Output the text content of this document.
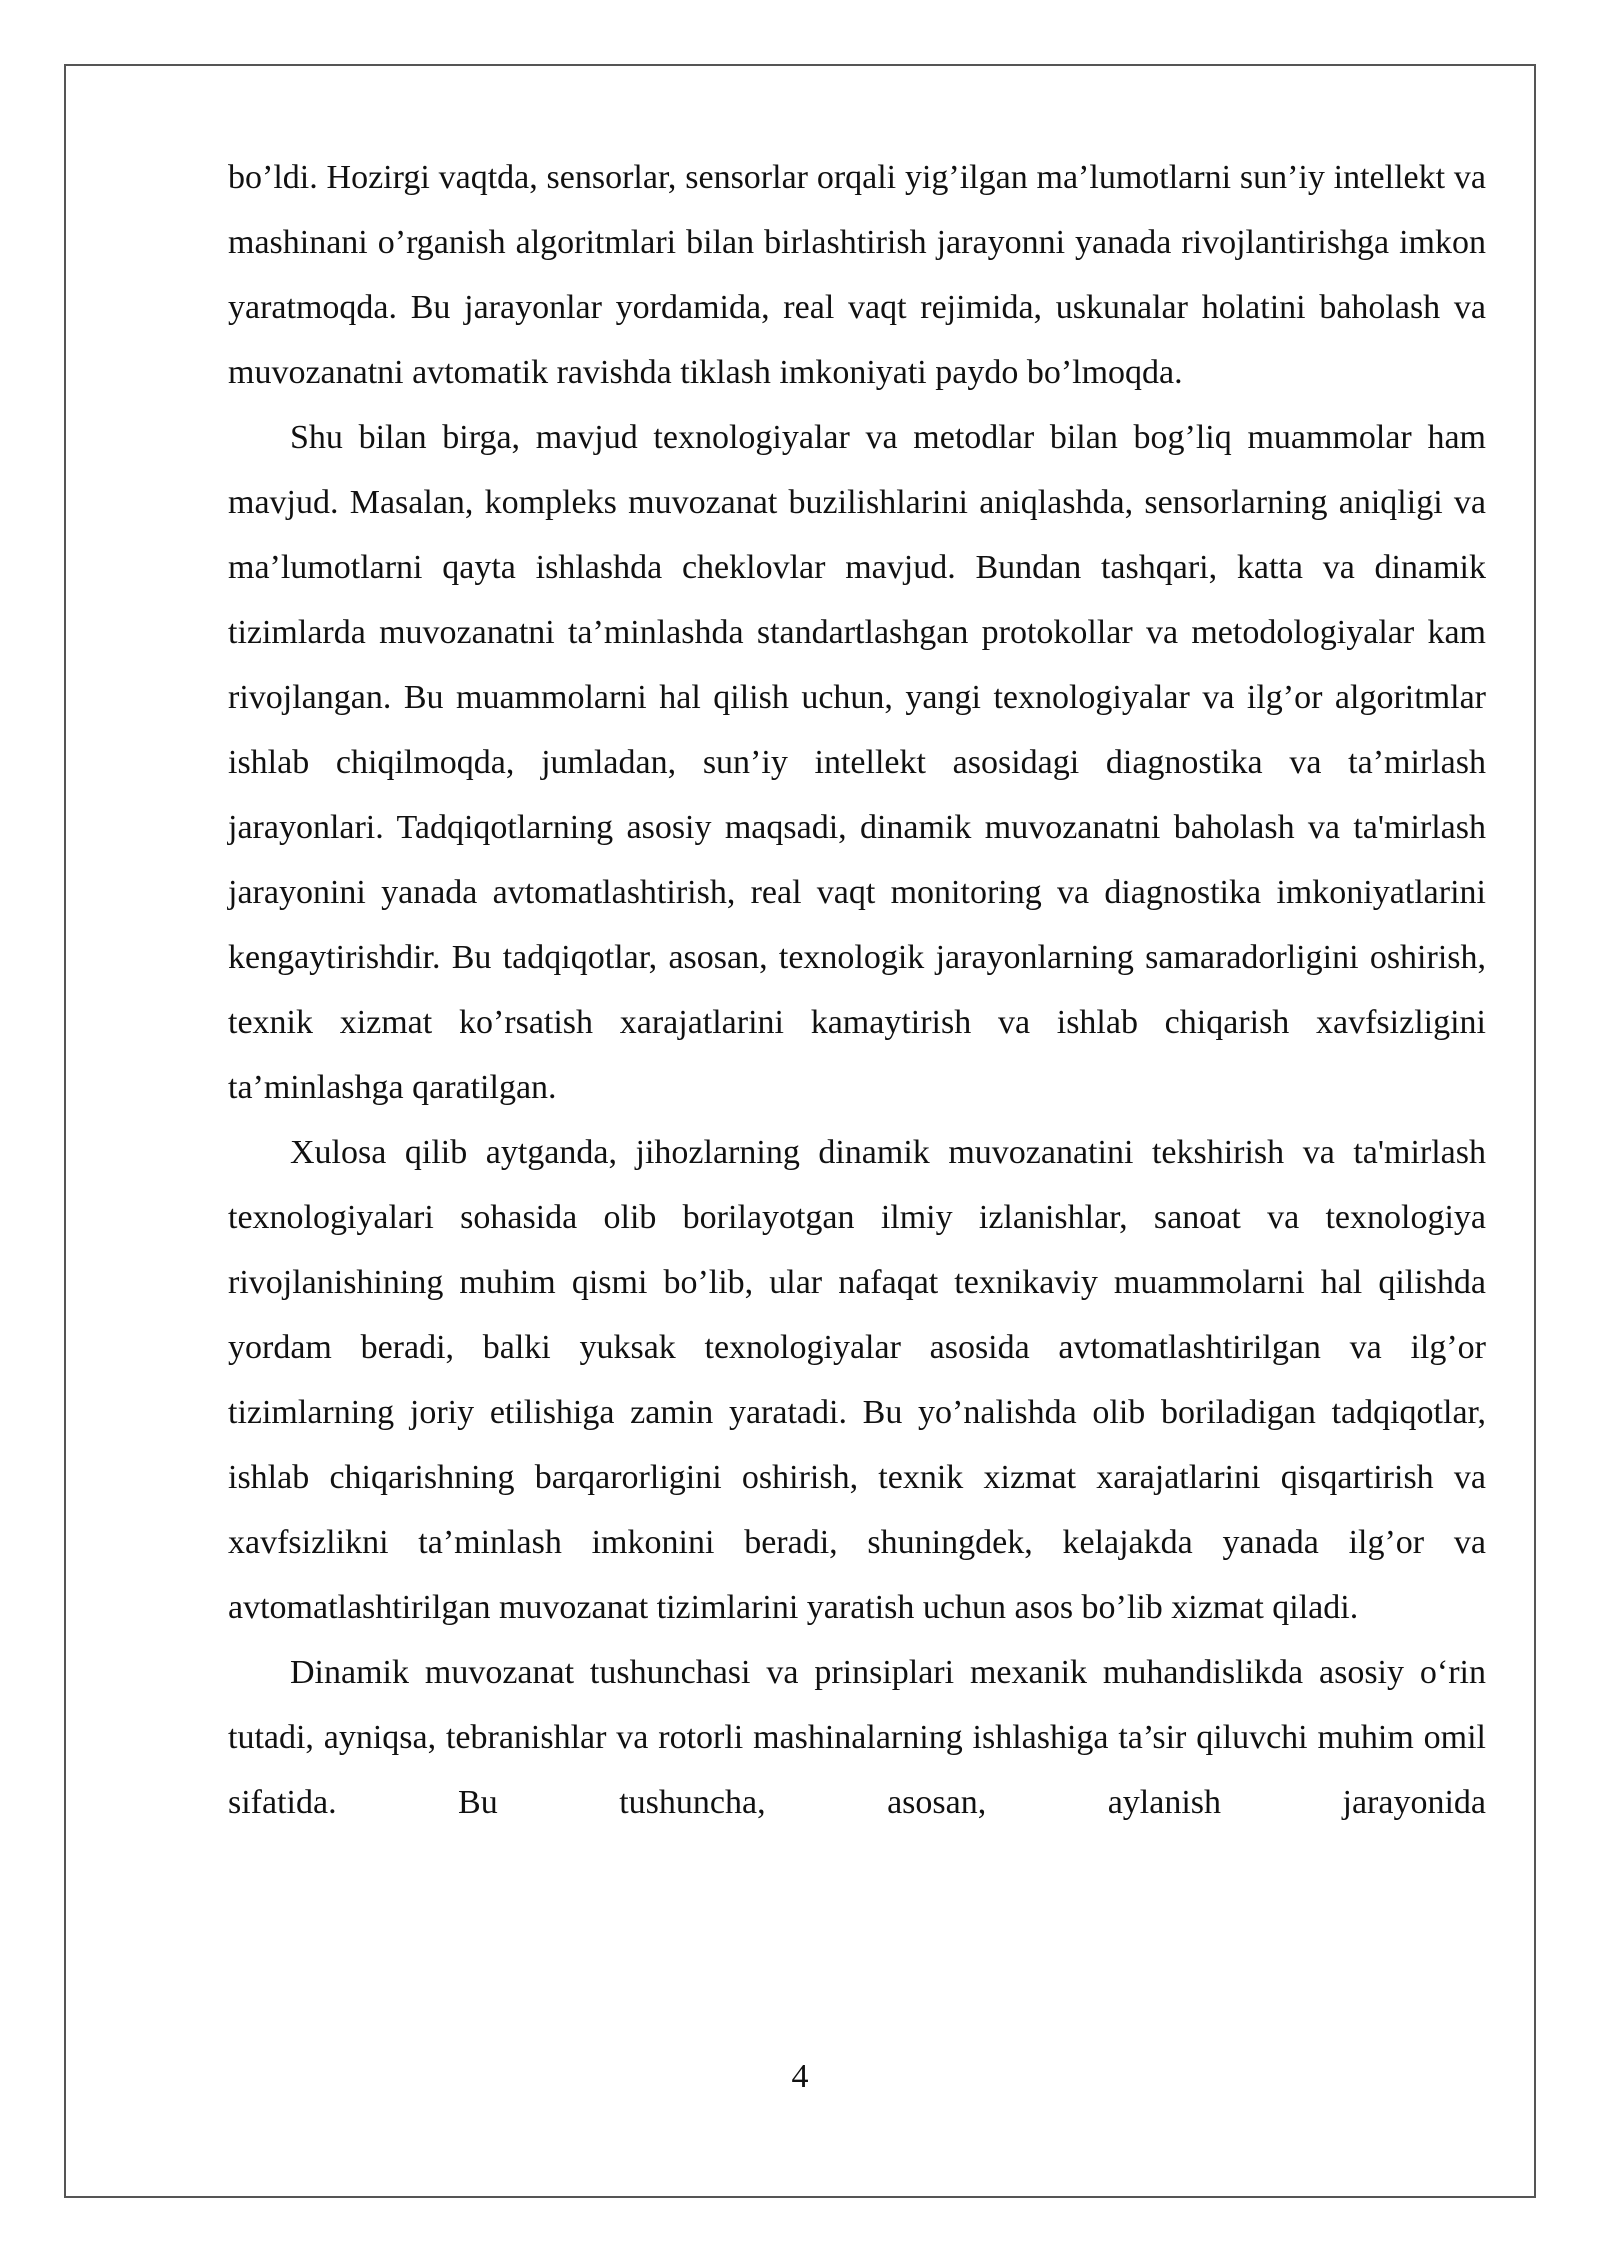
bo’ldi. Hozirgi vaqtda, sensorlar, sensorlar orqali yig’ilgan ma’lumotlarni sun’iy intellekt va mashinani o’rganish algoritmlari bilan birlashtirish jarayonni yanada rivojlantirishga imkon yaratmoqda. Bu jarayonlar yordamida, real vaqt rejimida, uskunalar holatini baholash va muvozanatni avtomatik ravishda tiklash imkoniyati paydo bo’lmoqda.

Shu bilan birga, mavjud texnologiyalar va metodlar bilan bog’liq muammolar ham mavjud. Masalan, kompleks muvozanat buzilishlarini aniqlashda, sensorlarning aniqligi va ma’lumotlarni qayta ishlashda cheklovlar mavjud. Bundan tashqari, katta va dinamik tizimlarda muvozanatni ta’minlashda standartlashgan protokollar va metodologiyalar kam rivojlangan. Bu muammolarni hal qilish uchun, yangi texnologiyalar va ilg’or algoritmlar ishlab chiqilmoqda, jumladan, sun’iy intellekt asosidagi diagnostika va ta’mirlash jarayonlari. Tadqiqotlarning asosiy maqsadi, dinamik muvozanatni baholash va ta'mirlash jarayonini yanada avtomatlashtirish, real vaqt monitoring va diagnostika imkoniyatlarini kengaytirishdir. Bu tadqiqotlar, asosan, texnologik jarayonlarning samaradorligini oshirish, texnik xizmat ko’rsatish xarajatlarini kamaytirish va ishlab chiqarish xavfsizligini ta’minlashga qaratilgan.

Xulosa qilib aytganda, jihozlarning dinamik muvozanatini tekshirish va ta'mirlash texnologiyalari sohasida olib borilayotgan ilmiy izlanishlar, sanoat va texnologiya rivojlanishining muhim qismi bo’lib, ular nafaqat texnikaviy muammolarni hal qilishda yordam beradi, balki yuksak texnologiyalar asosida avtomatlashtirilgan va ilg’or tizimlarning joriy etilishiga zamin yaratadi. Bu yo’nalishda olib boriladigan tadqiqotlar, ishlab chiqarishning barqarorligini oshirish, texnik xizmat xarajatlarini qisqartirish va xavfsizlikni ta’minlash imkonini beradi, shuningdek, kelajakda yanada ilg’or va avtomatlashtirilgan muvozanat tizimlarini yaratish uchun asos bo’lib xizmat qiladi.

Dinamik muvozanat tushunchasi va prinsiplari mexanik muhandislikda asosiy o‘rin tutadi, ayniqsa, tebranishlar va rotorli mashinalarning ishlashiga ta’sir qiluvchi muhim omil sifatida. Bu tushuncha, asosan, aylanish jarayonida

4
